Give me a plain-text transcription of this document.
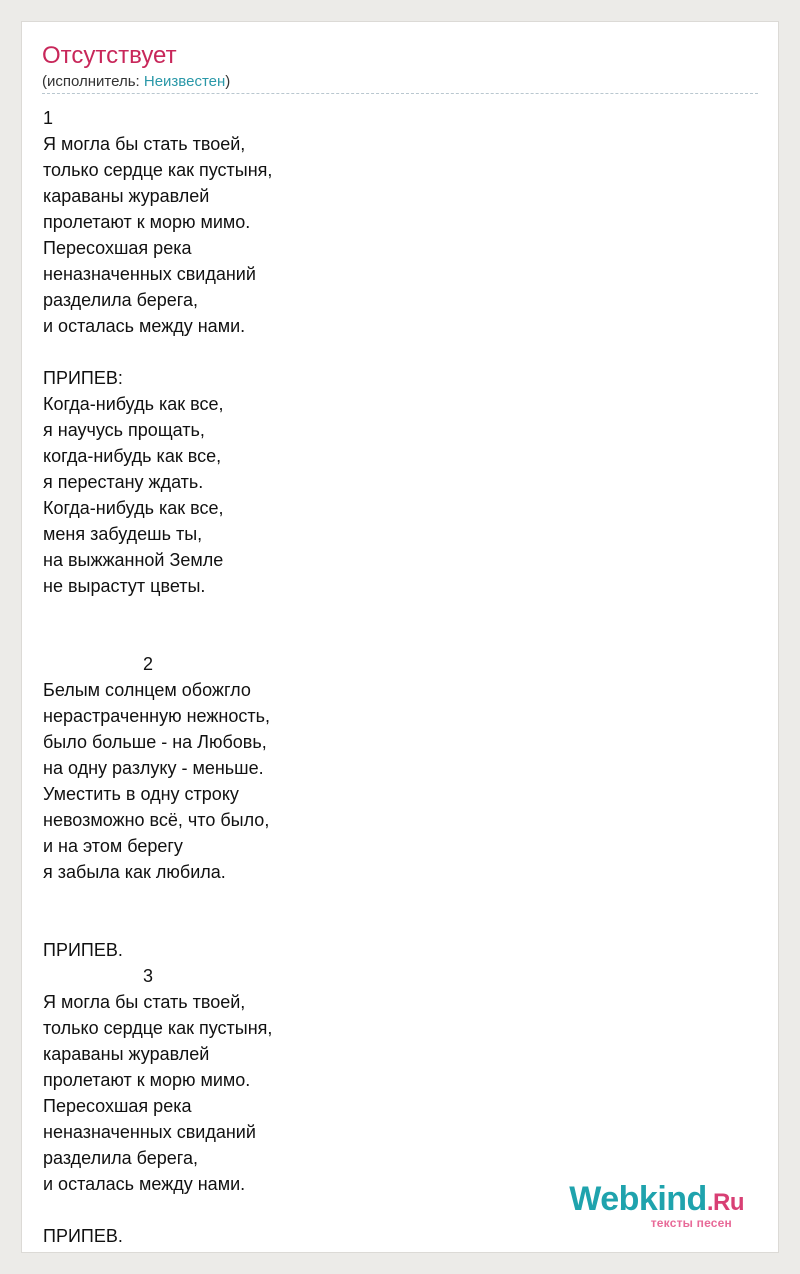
Отсутствует
(исполнитель: Неизвестен)
1
Я могла бы стать твоей,
только сердце как пустыня,
караваны журавлей
пролетают к морю мимо.
Пересохшая река
неназначенных свиданий
разделила берега,
и осталась между нами.
ПРИПЕВ:
Когда-нибудь как все,
я научусь прощать,
когда-нибудь как все,
я перестану ждать.
Когда-нибудь как все,
меня забудешь ты,
на выжжанной Земле
не вырастут цветы.
2
Белым солнцем обожгло
нерастраченную нежность,
было больше - на Любовь,
на одну разлуку - меньше.
Уместить в одну строку
невозможно всё, что было,
и на этом берегу
я забыла как любила.
ПРИПЕВ.
3
Я могла бы стать твоей,
только сердце как пустыня,
караваны журавлей
пролетают к морю мимо.
Пересохшая река
неназначенных свиданий
разделила берега,
и осталась между нами.
ПРИПЕВ.
Webkind.Ru
тексты песен
